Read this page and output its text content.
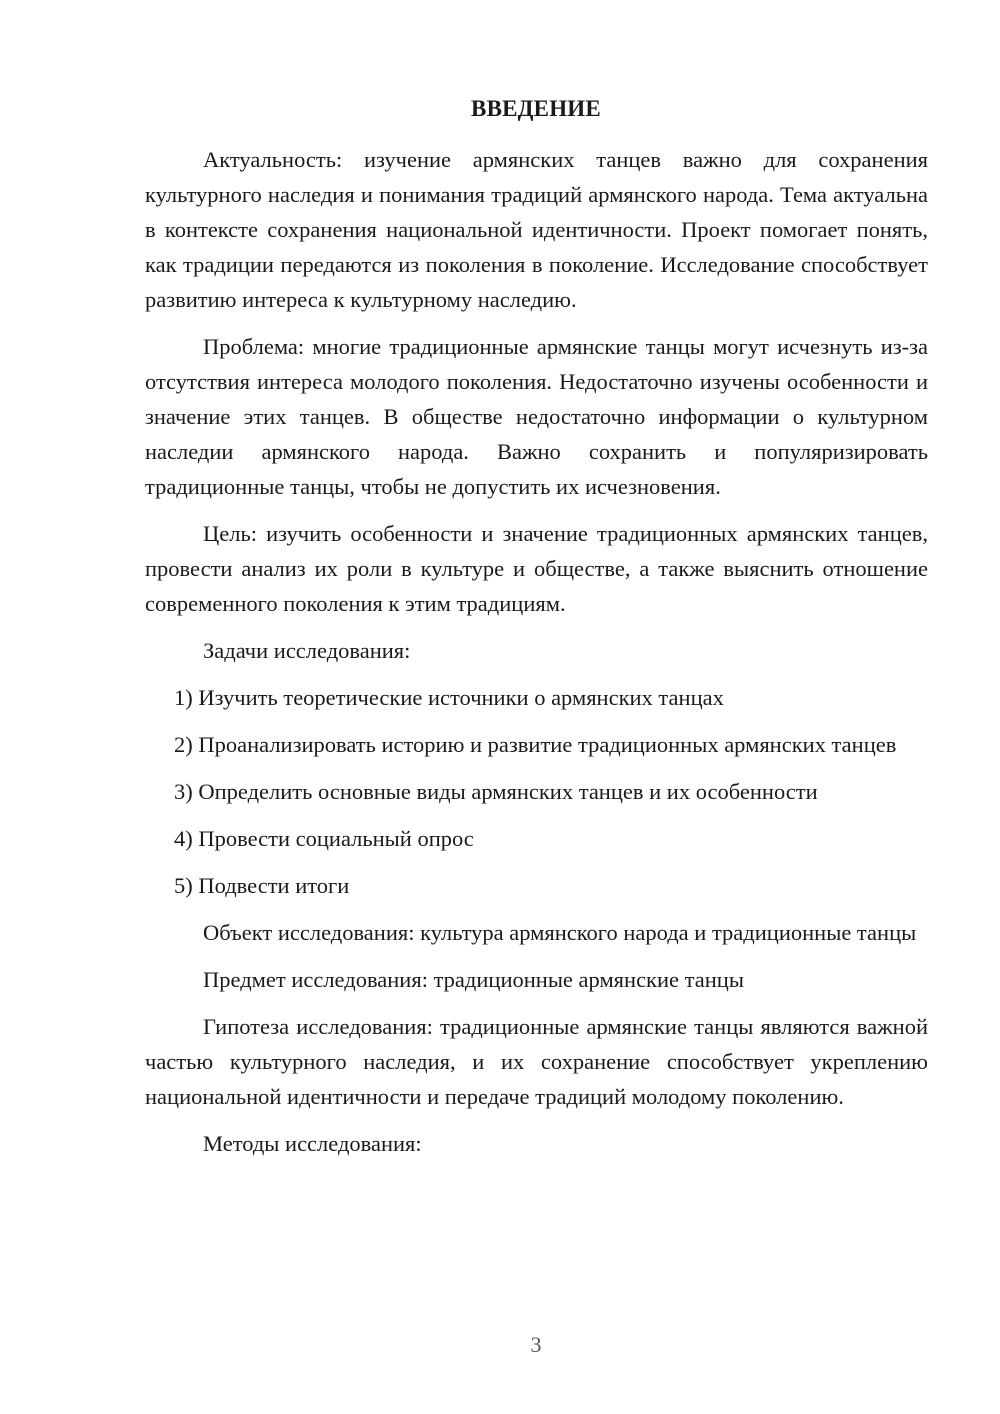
ВВЕДЕНИЕ

Актуальность: изучение армянских танцев важно для сохранения культурного наследия и понимания традиций армянского народа. Тема актуальна в контексте сохранения национальной идентичности. Проект помогает понять, как традиции передаются из поколения в поколение. Исследование способствует развитию интереса к культурному наследию.

Проблема: многие традиционные армянские танцы могут исчезнуть из-за отсутствия интереса молодого поколения. Недостаточно изучены особенности и значение этих танцев. В обществе недостаточно информации о культурном наследии армянского народа. Важно сохранить и популяризировать традиционные танцы, чтобы не допустить их исчезновения.

Цель: изучить особенности и значение традиционных армянских танцев, провести анализ их роли в культуре и обществе, а также выяснить отношение современного поколения к этим традициям.

Задачи исследования:

1) Изучить теоретические источники о армянских танцах

2) Проанализировать историю и развитие традиционных армянских танцев

3) Определить основные виды армянских танцев и их особенности

4) Провести социальный опрос

5) Подвести итоги

Объект исследования: культура армянского народа и традиционные танцы

Предмет исследования: традиционные армянские танцы

Гипотеза исследования: традиционные армянские танцы являются важной частью культурного наследия, и их сохранение способствует укреплению национальной идентичности и передаче традиций молодому поколению.

Методы исследования:

3
